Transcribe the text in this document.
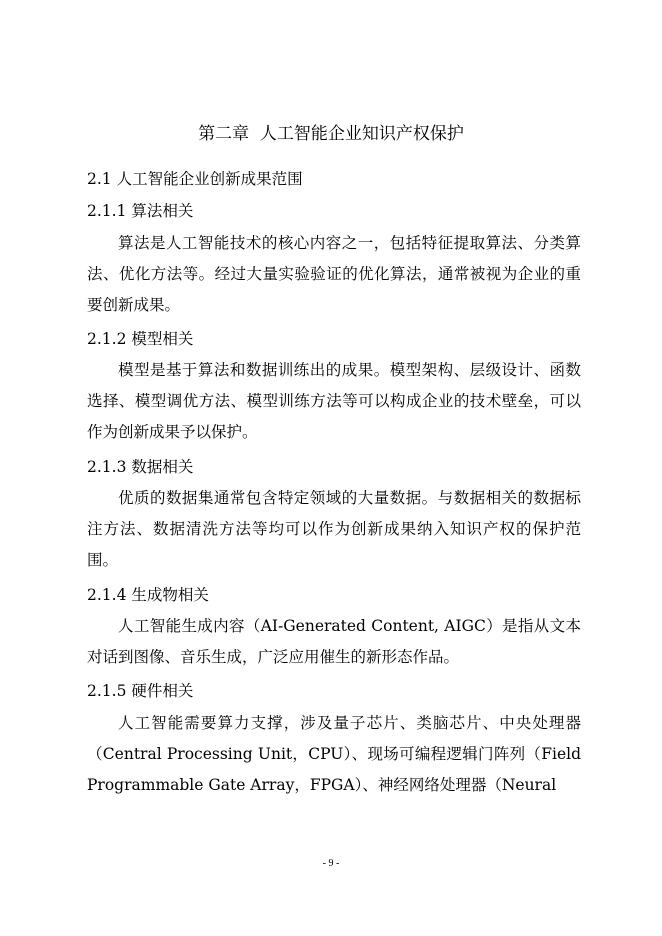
第二章  人工智能企业知识产权保护
2.1 人工智能企业创新成果范围
2.1.1 算法相关

算法是人工智能技术的核心内容之一，包括特征提取算法、分类算法、优化方法等。经过大量实验验证的优化算法，通常被视为企业的重要创新成果。

2.1.2 模型相关

模型是基于算法和数据训练出的成果。模型架构、层级设计、函数选择、模型调优方法、模型训练方法等可以构成企业的技术壁垒，可以作为创新成果予以保护。

2.1.3 数据相关

优质的数据集通常包含特定领域的大量数据。与数据相关的数据标注方法、数据清洗方法等均可以作为创新成果纳入知识产权的保护范围。

2.1.4 生成物相关

人工智能生成内容（AI-Generated Content, AIGC）是指从文本对话到图像、音乐生成，广泛应用催生的新形态作品。

2.1.5 硬件相关

人工智能需要算力支撑，涉及量子芯片、类脑芯片、中央处理器（Central Processing Unit，CPU）、现场可编程逻辑门阵列（Field Programmable Gate Array，FPGA）、神经网络处理器（Neural

- 9 -
